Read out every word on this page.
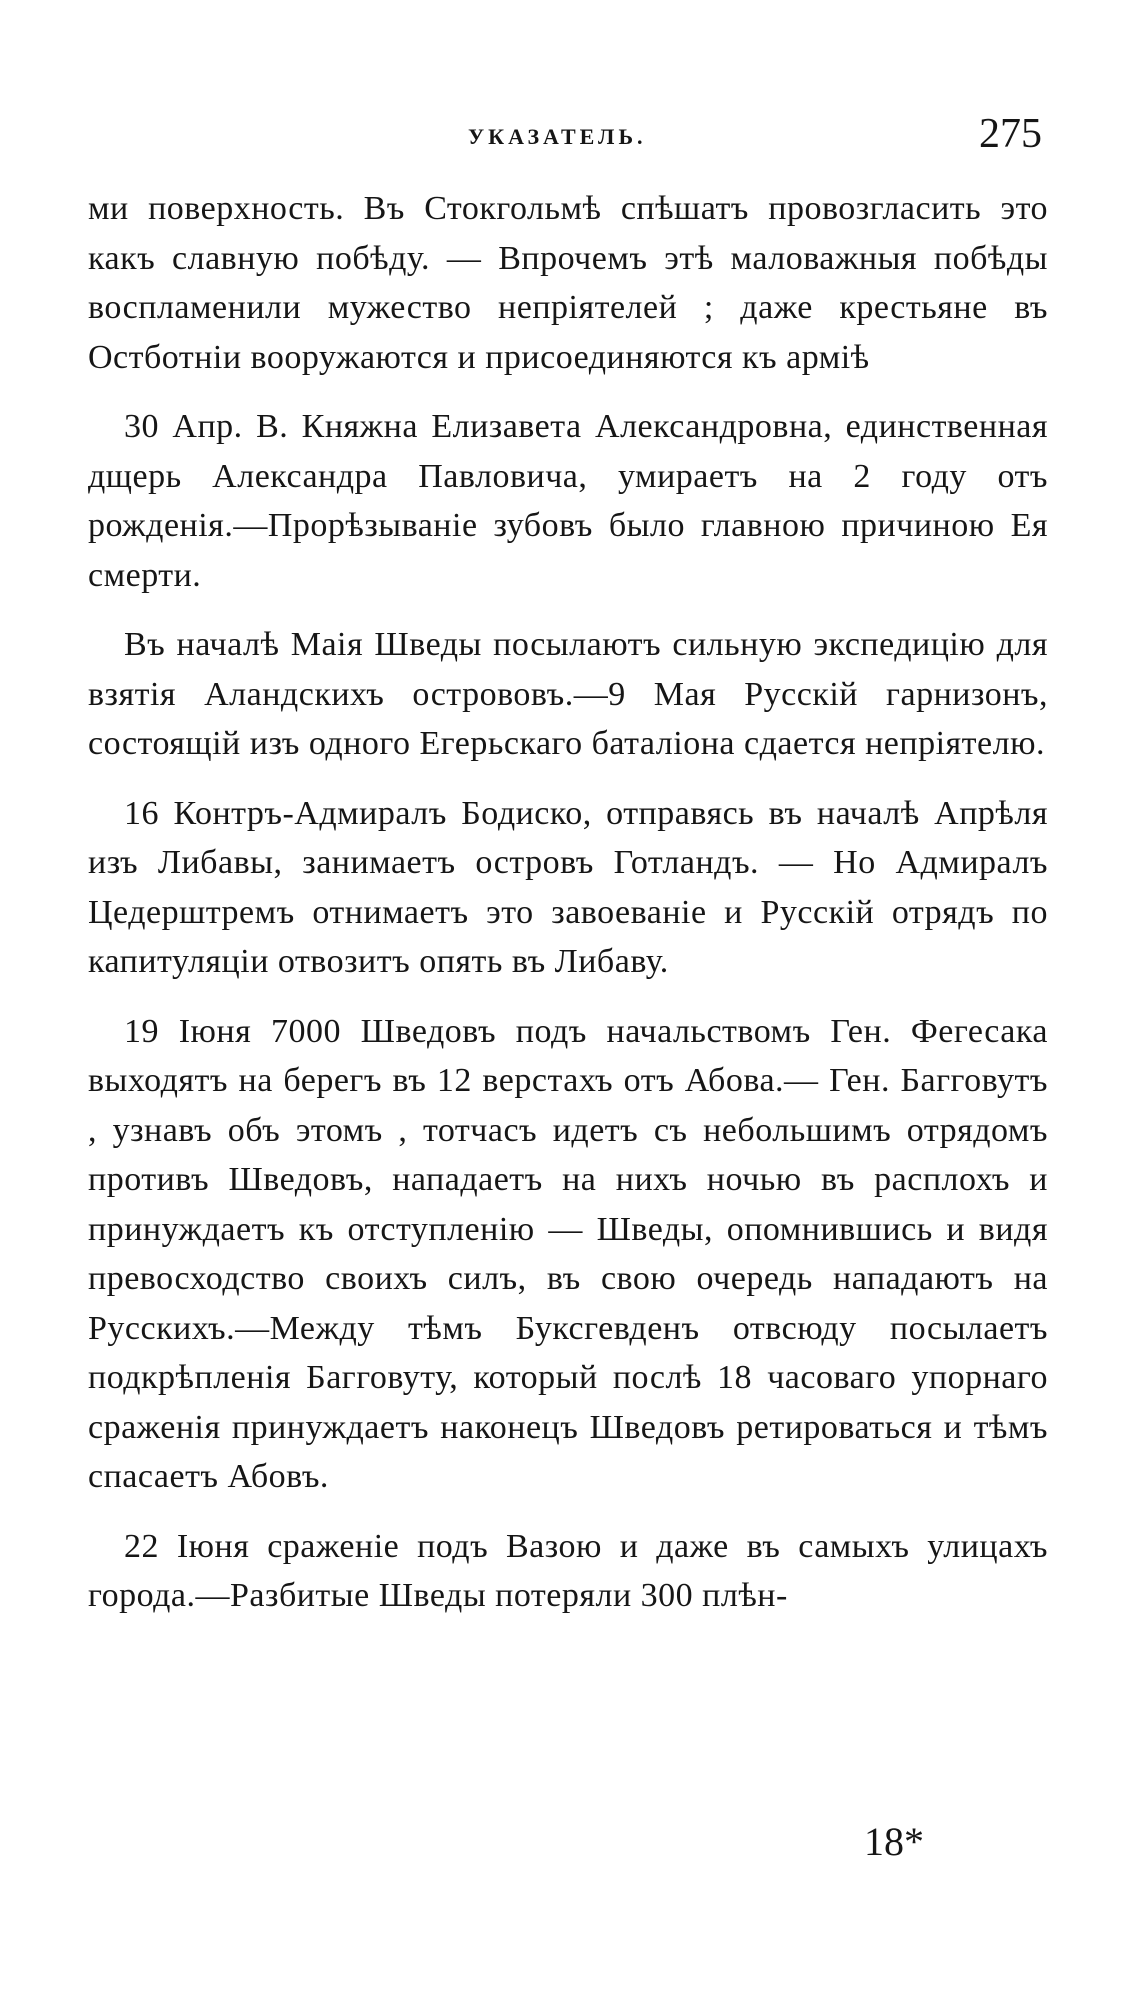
УКАЗАТЕЛЬ.	275

ми поверхность. Въ Стокгольмѣ спѣшатъ провозгласить это какъ славную побѣду. — Впрочемъ этѣ маловажныя побѣды воспламенили мужество непріятелей ; даже крестьяне въ Остботніи вооружаются и присоединяются къ армiѣ

30 Апр. В. Княжна Елизавета Александровна, единственная дщерь Александра Павловича, умираетъ на 2 году отъ рожденія.—Прорѣзываніе зубовъ было главною причиною Ея смерти.

Въ началѣ Maія Шведы посылаютъ сильную экспедицію для взятія Аландскихъ острововъ.—9 Мая Русскій гарнизонъ, состоящій изъ одного Егерьскаго баталіона сдается непріятелю.

16 Контръ-Адмиралъ Бодиско, отправясь въ началѣ Апрѣля изъ Либавы, занимаетъ островъ Готландъ. — Но Адмиралъ Цедерштремъ отнимаетъ это завоеваніе и Русскій отрядъ по капитуляціи отвозитъ опять въ Либаву.

19 Іюня 7000 Шведовъ подъ начальствомъ Ген. Фегесака выходятъ на берегъ въ 12 верстахъ отъ Абова.— Ген. Багговутъ , узнавъ объ этомъ , тотчасъ идетъ съ небольшимъ отрядомъ противъ Шведовъ, нападаетъ на нихъ ночью въ расплохъ и принуждаетъ къ отступленію — Шведы, опомнившись и видя превосходство своихъ силъ, въ свою очередь нападаютъ на Русскихъ.—Между тѣмъ Буксгевденъ отвсюду посылаетъ подкрѣпленія Багговуту, который послѣ 18 часоваго упорнаго сраженія принуждаетъ наконецъ Шведовъ ретироваться и тѣмъ спасаетъ Абовъ.

22 Іюня сраженіе подъ Вазою и даже въ самыхъ улицахъ города.—Разбитые Шведы потеряли 300 плѣн-

18*
